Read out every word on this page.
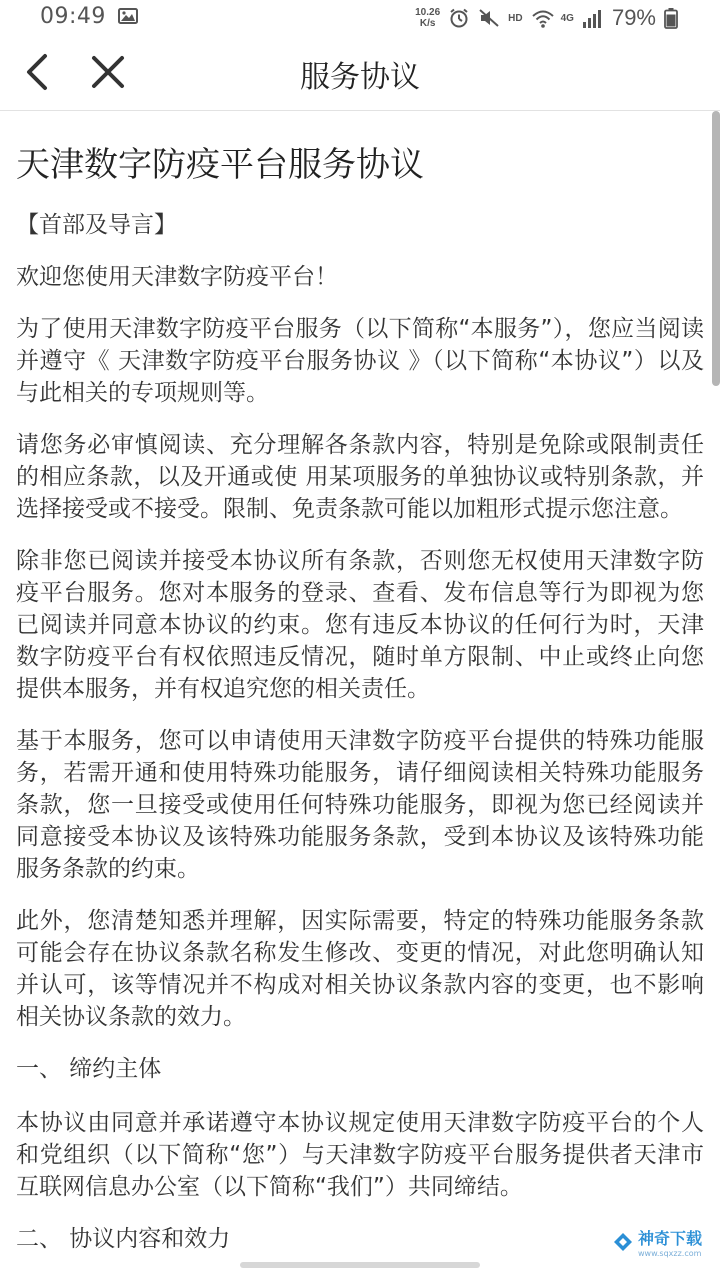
09:49	10.26
K/s	HD	4G 79%
服务协议
天津数字防疫平台服务协议

【首部及导言】

欢迎您使用天津数字防疫平台！

为了使用天津数字防疫平台服务（以下简称“本服务”），您应当阅读并遵守《 天津数字防疫平台服务协议 》（以下简称“本协议”）以及与此相关的专项规则等。

请您务必审慎阅读、充分理解各条款内容，特别是免除或限制责任的相应条款，以及开通或使 用某项服务的单独协议或特别条款，并选择接受或不接受。限制、免责条款可能以加粗形式提示您注意。

除非您已阅读并接受本协议所有条款，否则您无权使用天津数字防疫平台服务。您对本服务的登录、查看、发布信息等行为即视为您已阅读并同意本协议的约束。您有违反本协议的任何行为时，天津数字防疫平台有权依照违反情况，随时单方限制、中止或终止向您提供本服务，并有权追究您的相关责任。

基于本服务，您可以申请使用天津数字防疫平台提供的特殊功能服务，若需开通和使用特殊功能服务，请仔细阅读相关特殊功能服务条款，您一旦接受或使用任何特殊功能服务，即视为您已经阅读并同意接受本协议及该特殊功能服务条款，受到本协议及该特殊功能服务条款的约束。

此外，您清楚知悉并理解，因实际需要，特定的特殊功能服务条款可能会存在协议条款名称发生修改、变更的情况，对此您明确认知并认可，该等情况并不构成对相关协议条款内容的变更，也不影响相关协议条款的效力。

一、 缔约主体

本协议由同意并承诺遵守本协议规定使用天津数字防疫平台的个人和党组织（以下简称“您”）与天津数字防疫平台服务提供者天津市互联网信息办公室（以下简称“我们”）共同缔结。

二、 协议内容和效力	神奇下载
www.sqxzz.com
